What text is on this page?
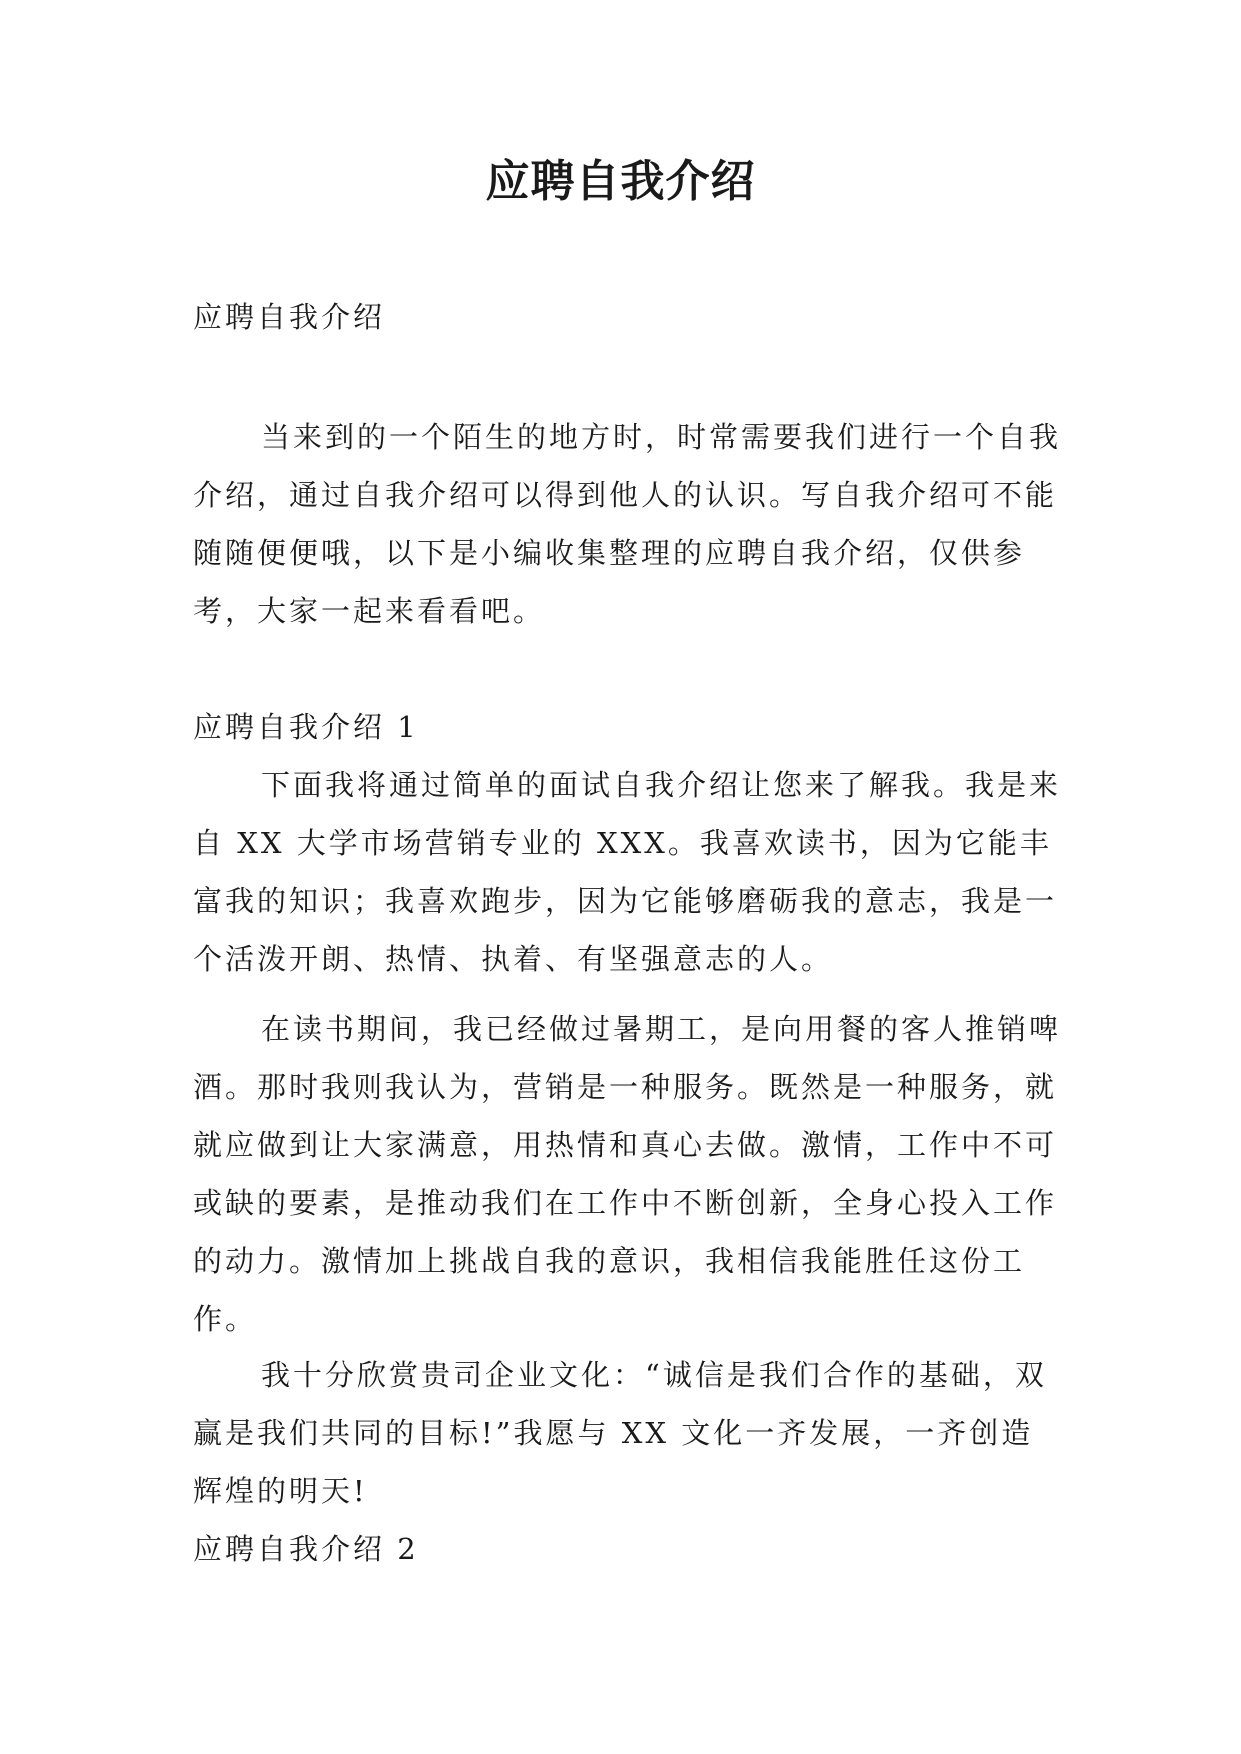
应聘自我介绍

应聘自我介绍

当来到的一个陌生的地方时，时常需要我们进行一个自我介绍，通过自我介绍可以得到他人的认识。写自我介绍可不能随随便便哦，以下是小编收集整理的应聘自我介绍，仅供参考，大家一起来看看吧。

应聘自我介绍 1

下面我将通过简单的面试自我介绍让您来了解我。我是来自 XX 大学市场营销专业的 XXX。我喜欢读书，因为它能丰富我的知识；我喜欢跑步，因为它能够磨砺我的意志，我是一个活泼开朗、热情、执着、有坚强意志的人。

在读书期间，我已经做过暑期工，是向用餐的客人推销啤酒。那时我则我认为，营销是一种服务。既然是一种服务，就就应做到让大家满意，用热情和真心去做。激情，工作中不可或缺的要素，是推动我们在工作中不断创新，全身心投入工作的动力。激情加上挑战自我的意识，我相信我能胜任这份工作。

我十分欣赏贵司企业文化：“诚信是我们合作的基础，双赢是我们共同的目标!”我愿与 XX 文化一齐发展，一齐创造辉煌的明天!

应聘自我介绍 2
